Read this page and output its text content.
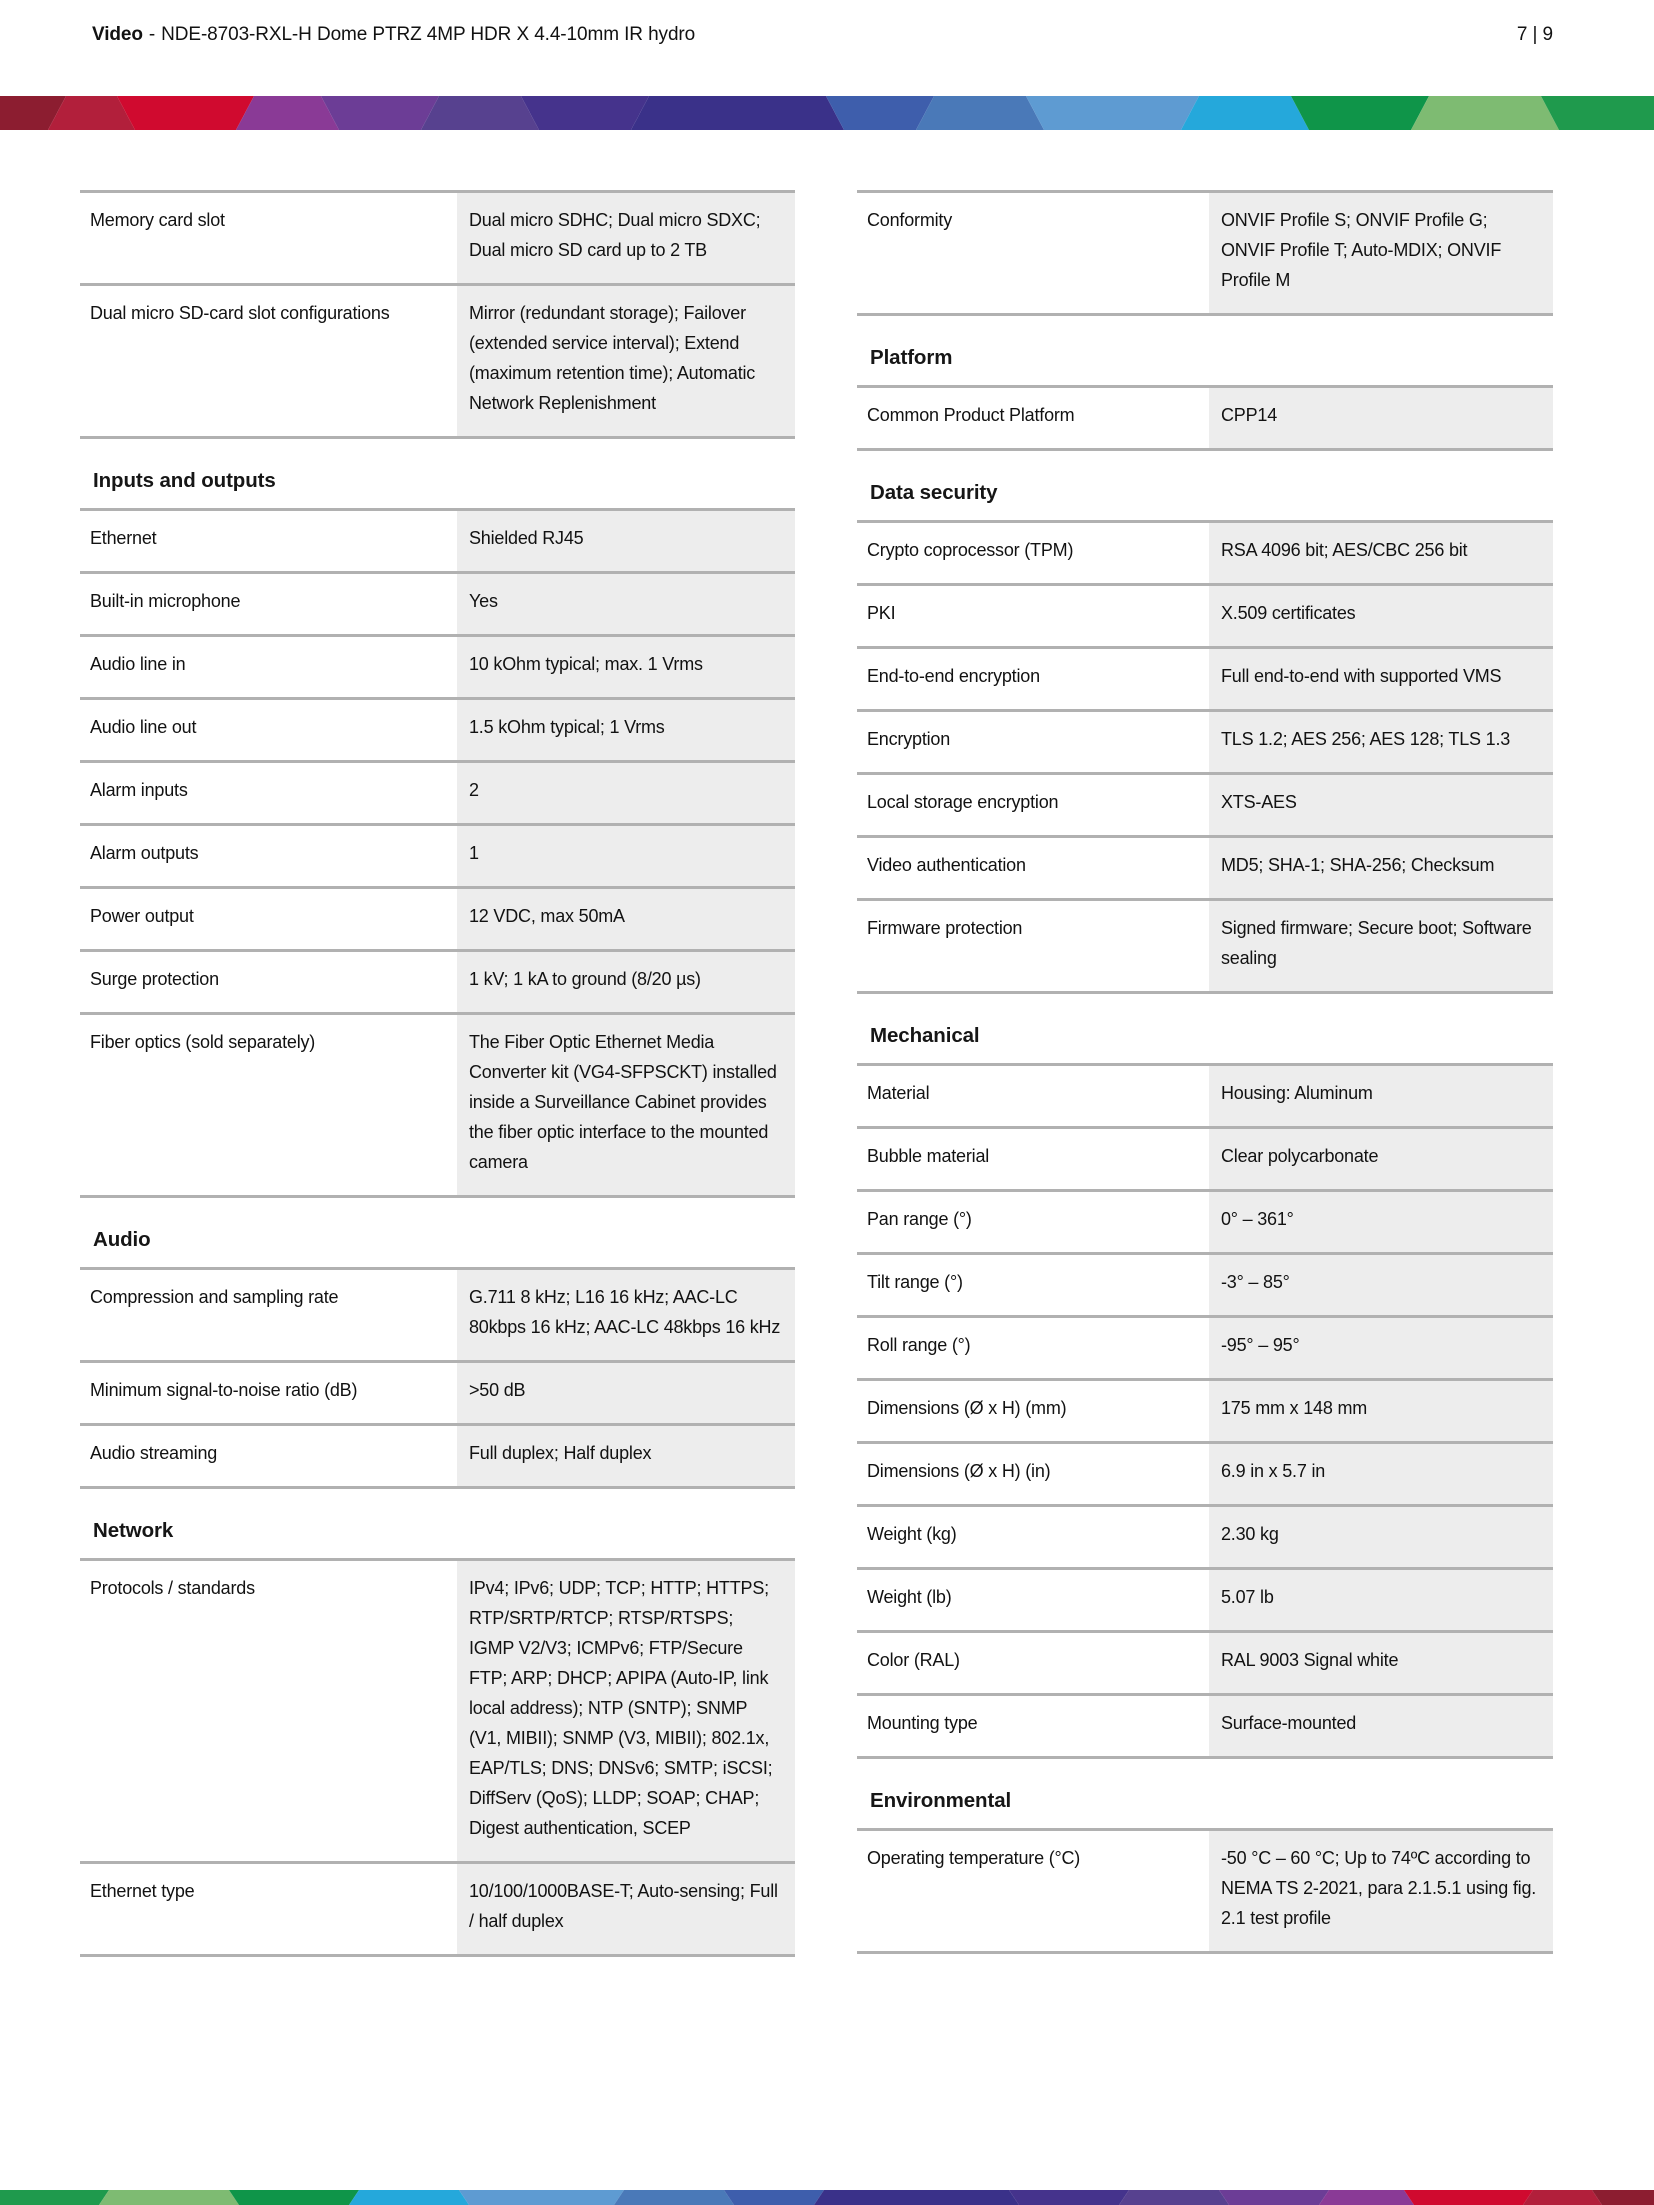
Video - NDE-8703-RXL-H Dome PTRZ 4MP HDR X 4.4-10mm IR hydro	7 | 9
Memory card slot	Dual micro SDHC; Dual micro SDXC; Dual micro SD card up to 2 TB
Dual micro SD-card slot configurations	Mirror (redundant storage); Failover (extended service interval); Extend (maximum retention time); Automatic Network Replenishment
Inputs and outputs
Ethernet	Shielded RJ45
Built-in microphone	Yes
Audio line in	10 kOhm typical; max. 1 Vrms
Audio line out	1.5 kOhm typical; 1 Vrms
Alarm inputs	2
Alarm outputs	1
Power output	12 VDC, max 50mA
Surge protection	1 kV; 1 kA to ground (8/20 µs)
Fiber optics (sold separately)	The Fiber Optic Ethernet Media Converter kit (VG4-SFPSCKT) installed inside a Surveillance Cabinet provides the fiber optic interface to the mounted camera
Audio
Compression and sampling rate	G.711 8 kHz; L16 16 kHz; AAC-LC 80kbps 16 kHz; AAC-LC 48kbps 16 kHz
Minimum signal-to-noise ratio (dB)	>50 dB
Audio streaming	Full duplex; Half duplex
Network
Protocols / standards	IPv4; IPv6; UDP; TCP; HTTP; HTTPS; RTP/SRTP/RTCP; RTSP/RTSPS; IGMP V2/V3; ICMPv6; FTP/Secure FTP; ARP; DHCP; APIPA (Auto-IP, link local address); NTP (SNTP); SNMP (V1, MIBII); SNMP (V3, MIBII); 802.1x, EAP/TLS; DNS; DNSv6; SMTP; iSCSI; DiffServ (QoS); LLDP; SOAP; CHAP; Digest authentication, SCEP
Ethernet type	10/100/1000BASE-T; Auto-sensing; Full / half duplex
Conformity	ONVIF Profile S; ONVIF Profile G; ONVIF Profile T; Auto-MDIX; ONVIF Profile M
Platform
Common Product Platform	CPP14
Data security
Crypto coprocessor (TPM)	RSA 4096 bit; AES/CBC 256 bit
PKI	X.509 certificates
End-to-end encryption	Full end-to-end with supported VMS
Encryption	TLS 1.2; AES 256; AES 128; TLS 1.3
Local storage encryption	XTS-AES
Video authentication	MD5; SHA-1; SHA-256; Checksum
Firmware protection	Signed firmware; Secure boot; Software sealing
Mechanical
Material	Housing: Aluminum
Bubble material	Clear polycarbonate
Pan range (°)	0° – 361°
Tilt range (°)	-3° – 85°
Roll range (°)	-95° – 95°
Dimensions (Ø x H) (mm)	175 mm x 148 mm
Dimensions (Ø x H) (in)	6.9 in x 5.7 in
Weight (kg)	2.30 kg
Weight (lb)	5.07 lb
Color (RAL)	RAL 9003 Signal white
Mounting type	Surface-mounted
Environmental
Operating temperature (°C)	-50 °C – 60 °C; Up to 74ºC according to NEMA TS 2-2021, para 2.1.5.1 using fig. 2.1 test profile
